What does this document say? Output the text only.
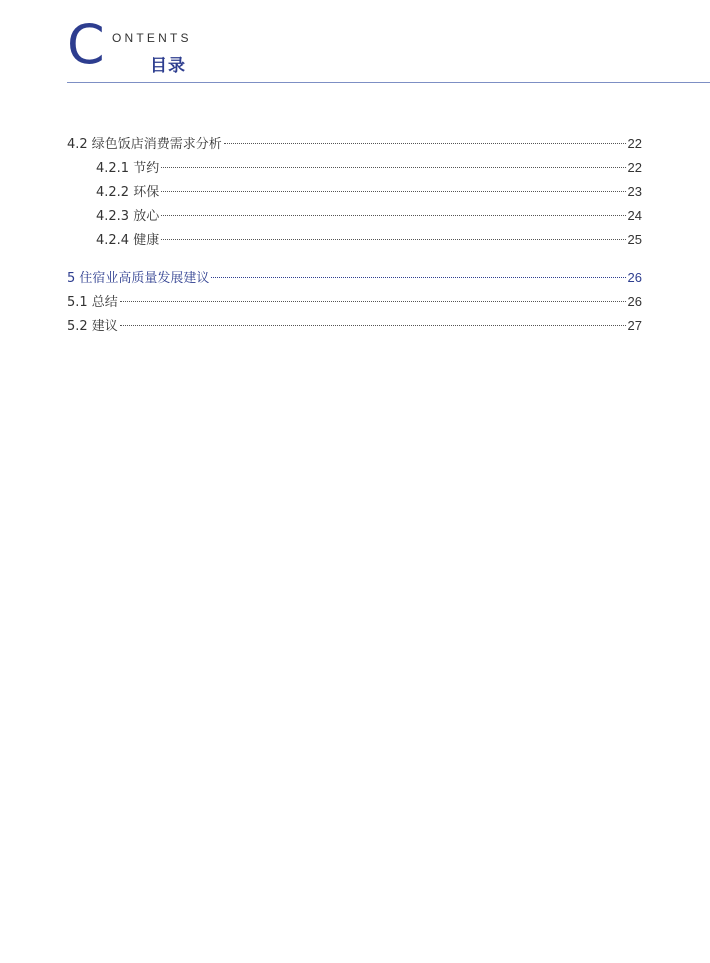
C ONTENTS
目录
4.2 绿色饭店消费需求分析	22
4.2.1 节约	22
4.2.2 环保	23
4.2.3 放心	24
4.2.4 健康	25
5 住宿业高质量发展建议	26
5.1 总结	26
5.2 建议	27
